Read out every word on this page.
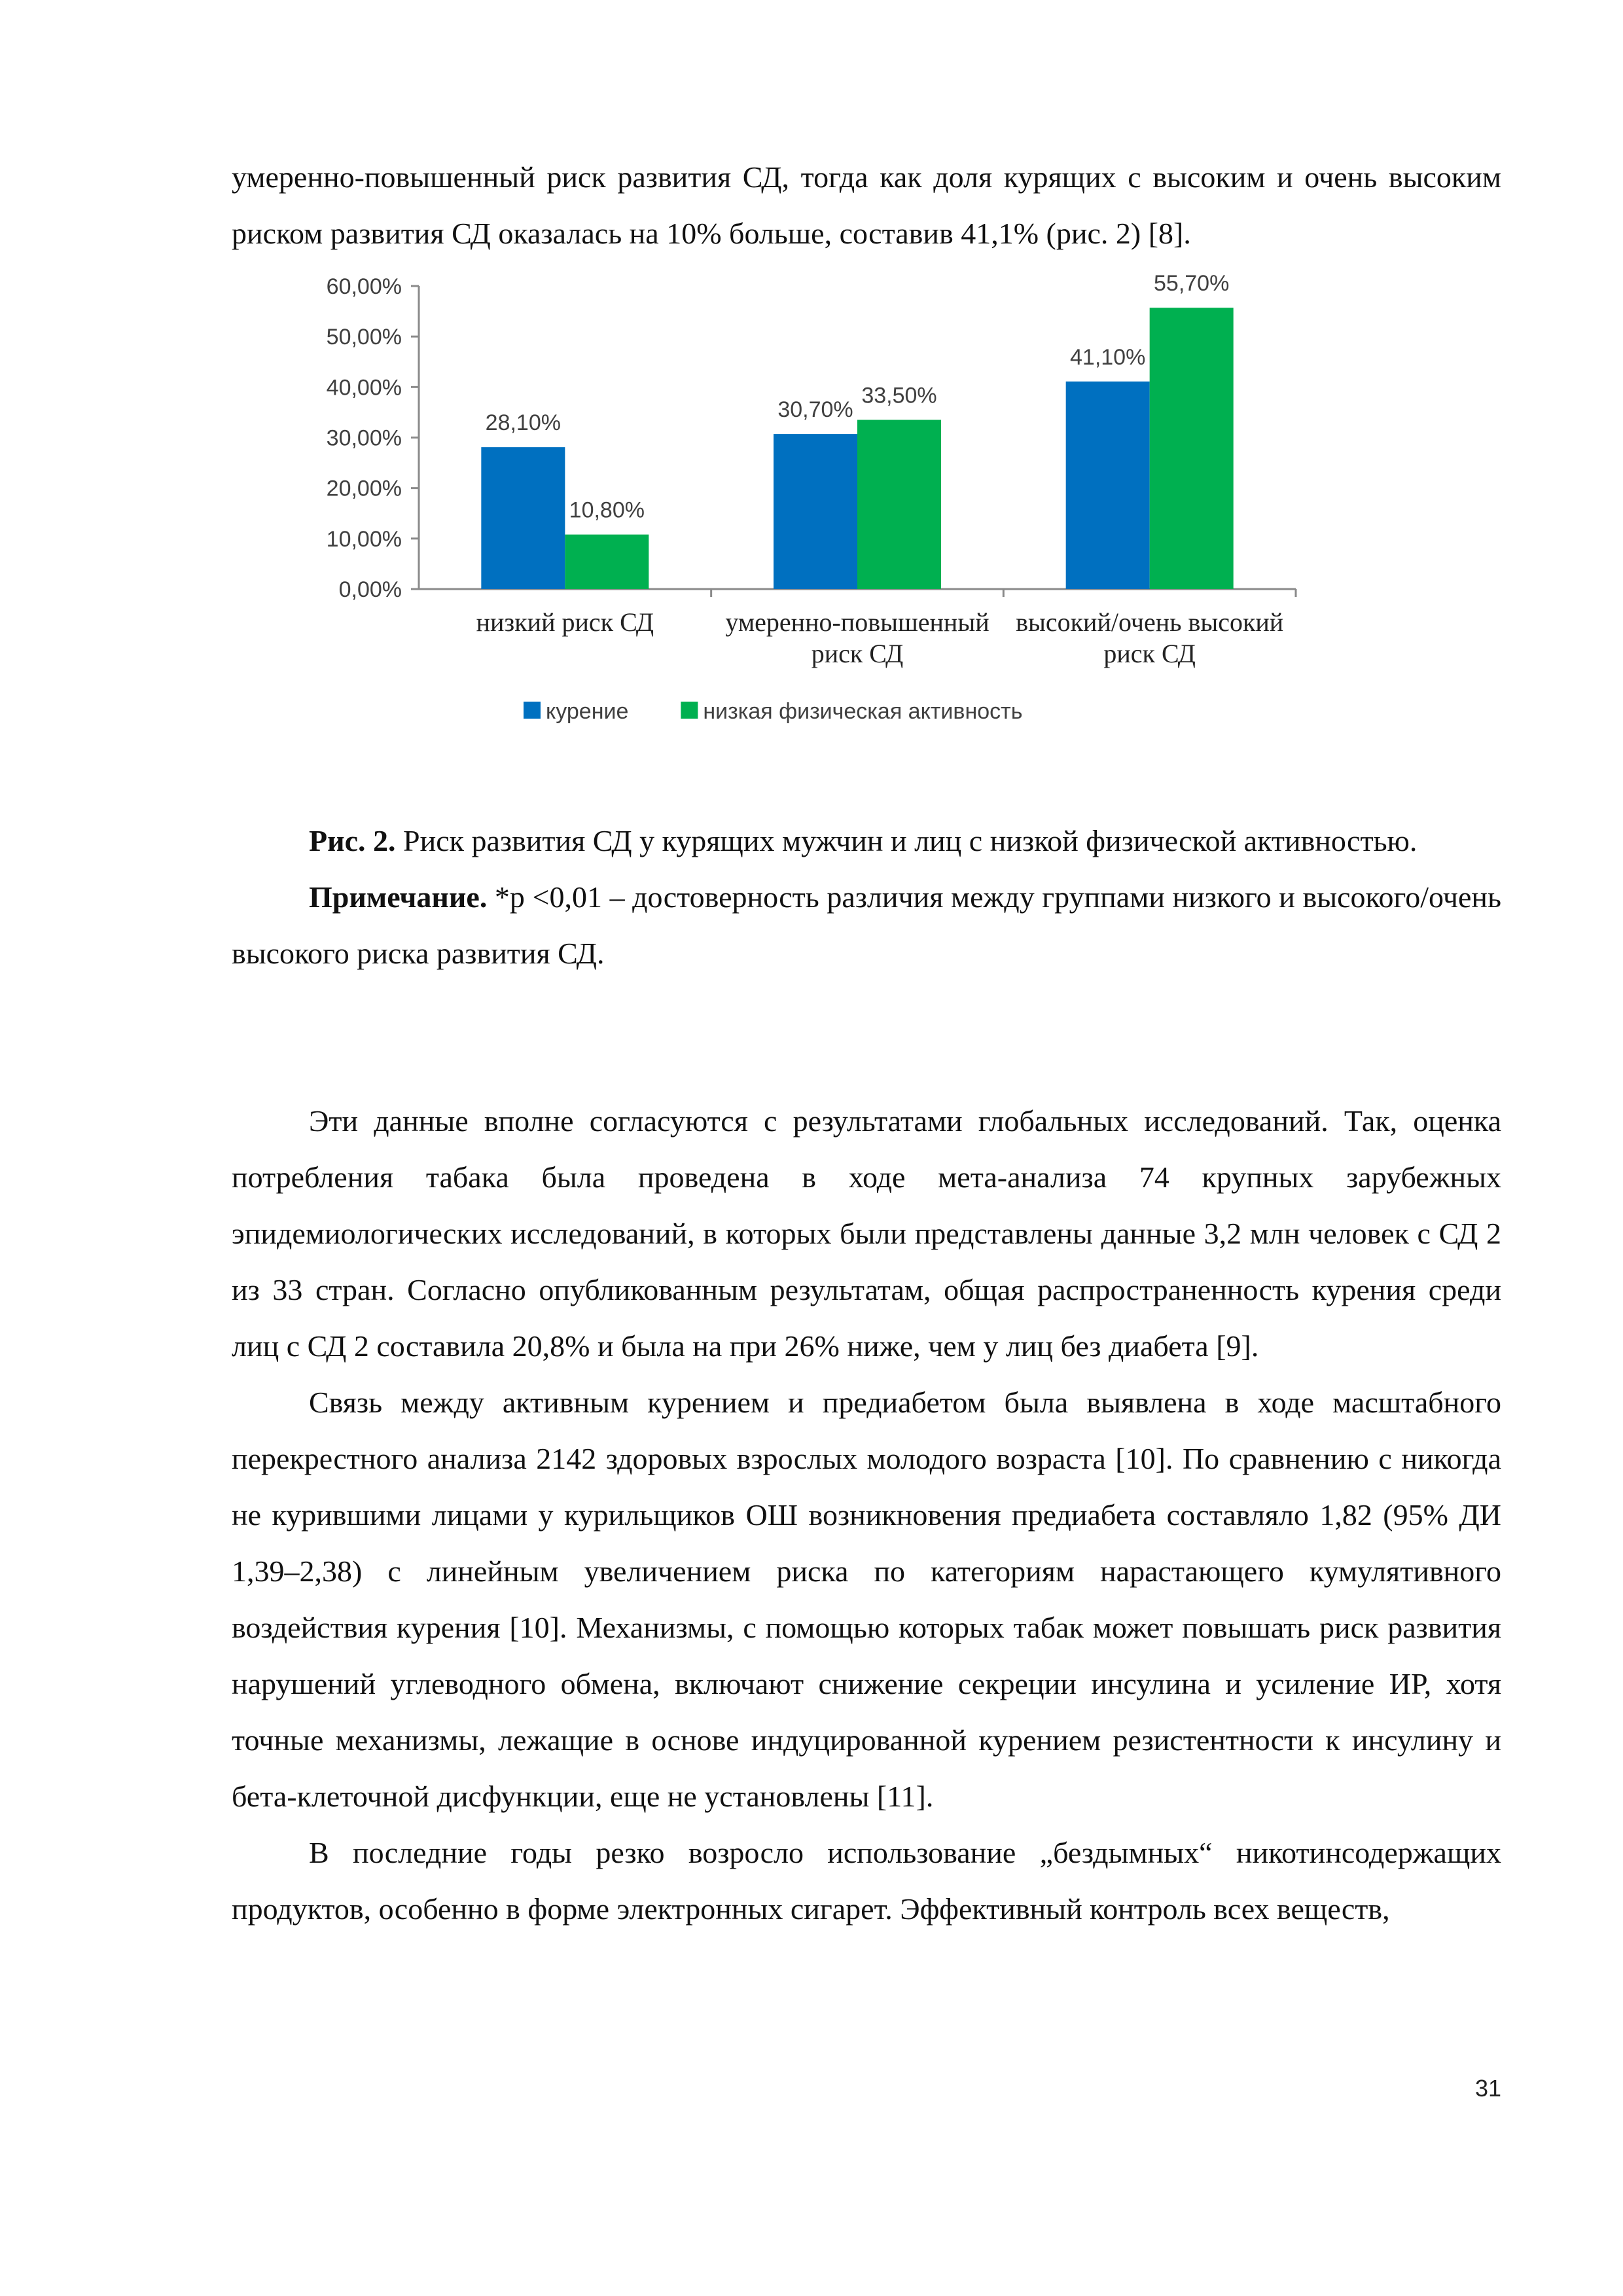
умеренно-повышенный риск развития СД, тогда как доля курящих с высоким и очень высоким риском развития СД оказалась на 10% больше, составив 41,1% (рис. 2) [8].

28,10%
10,80%
30,70%
33,50%
41,10%
55,70%
0,00%
10,00%
20,00%
30,00%
40,00%
50,00%
60,00%
низкий риск СД	умеренно-повышенный
риск СД
высокий/очень высокий
риск СД
курение	низкая физическая активность

Рис. 2. Риск развития СД у курящих мужчин и лиц с низкой физической активностью.

Примечание. *р <0,01 – достоверность различия между группами низкого и высокого/очень высокого риска развития СД.

Эти данные вполне согласуются с результатами глобальных исследований. Так, оценка потребления табака была проведена в ходе мета-анализа 74 крупных зарубежных эпидемиологических исследований, в которых были представлены данные 3,2 млн человек с СД 2 из 33 стран. Согласно опубликованным результатам, общая распространенность курения среди лиц с СД 2 составила 20,8% и была на при 26% ниже, чем у лиц без диабета [9].

Связь между активным курением и предиабетом была выявлена в ходе масштабного перекрестного анализа 2142 здоровых взрослых молодого возраста [10]. По сравнению с никогда не курившими лицами у курильщиков ОШ возникновения предиабета составляло 1,82 (95% ДИ 1,39–2,38) с линейным увеличением риска по категориям нарастающего кумулятивного воздействия курения [10]. Механизмы, с помощью которых табак может повышать риск развития нарушений углеводного обмена, включают снижение секреции инсулина и усиление ИР, хотя точные механизмы, лежащие в основе индуцированной курением резистентности к инсулину и бета-клеточной дисфункции, еще не установлены [11].

В последние годы резко возросло использование „бездымных“ никотинсодержащих продуктов, особенно в форме электронных сигарет. Эффективный контроль всех веществ,

31
